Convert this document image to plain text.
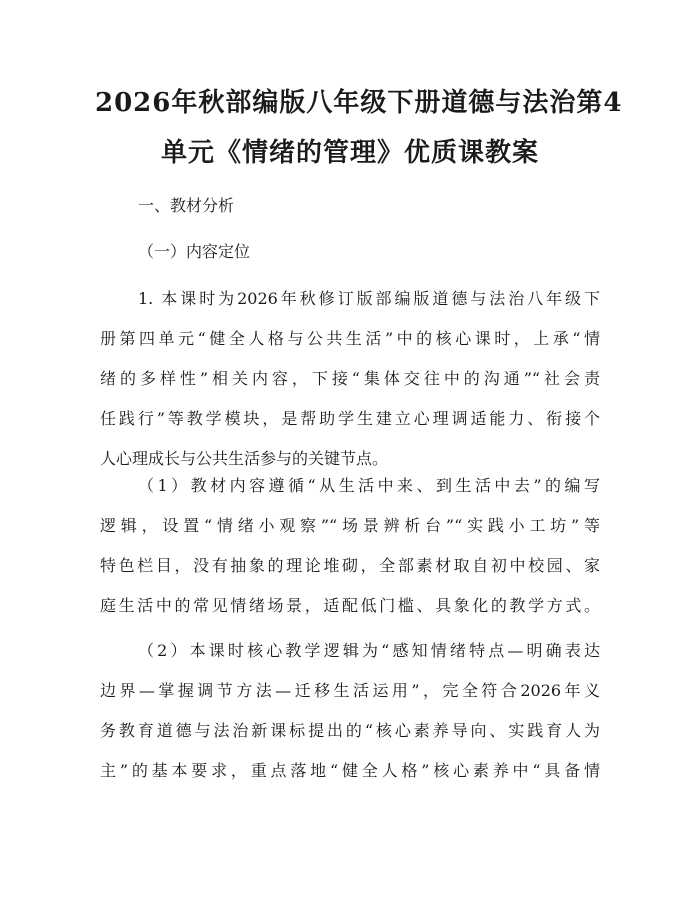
2026年秋部编版八年级下册道德与法治第4
单元《情绪的管理》优质课教案
一、教材分析
（一）内容定位
1. 本课时为2026年秋修订版部编版道德与法治八年级下
册第四单元“健全人格与公共生活”中的核心课时，上承“情
绪的多样性”相关内容，下接“集体交往中的沟通”“社会责
任践行”等教学模块，是帮助学生建立心理调适能力、衔接个
人心理成长与公共生活参与的关键节点。
（1）教材内容遵循“从生活中来、到生活中去”的编写
逻辑，设置“情绪小观察”“场景辨析台”“实践小工坊”等
特色栏目，没有抽象的理论堆砌，全部素材取自初中校园、家
庭生活中的常见情绪场景，适配低门槛、具象化的教学方式。
（2）本课时核心教学逻辑为“感知情绪特点—明确表达
边界—掌握调节方法—迁移生活运用”，完全符合2026年义
务教育道德与法治新课标提出的“核心素养导向、实践育人为
主”的基本要求，重点落地“健全人格”核心素养中“具备情
